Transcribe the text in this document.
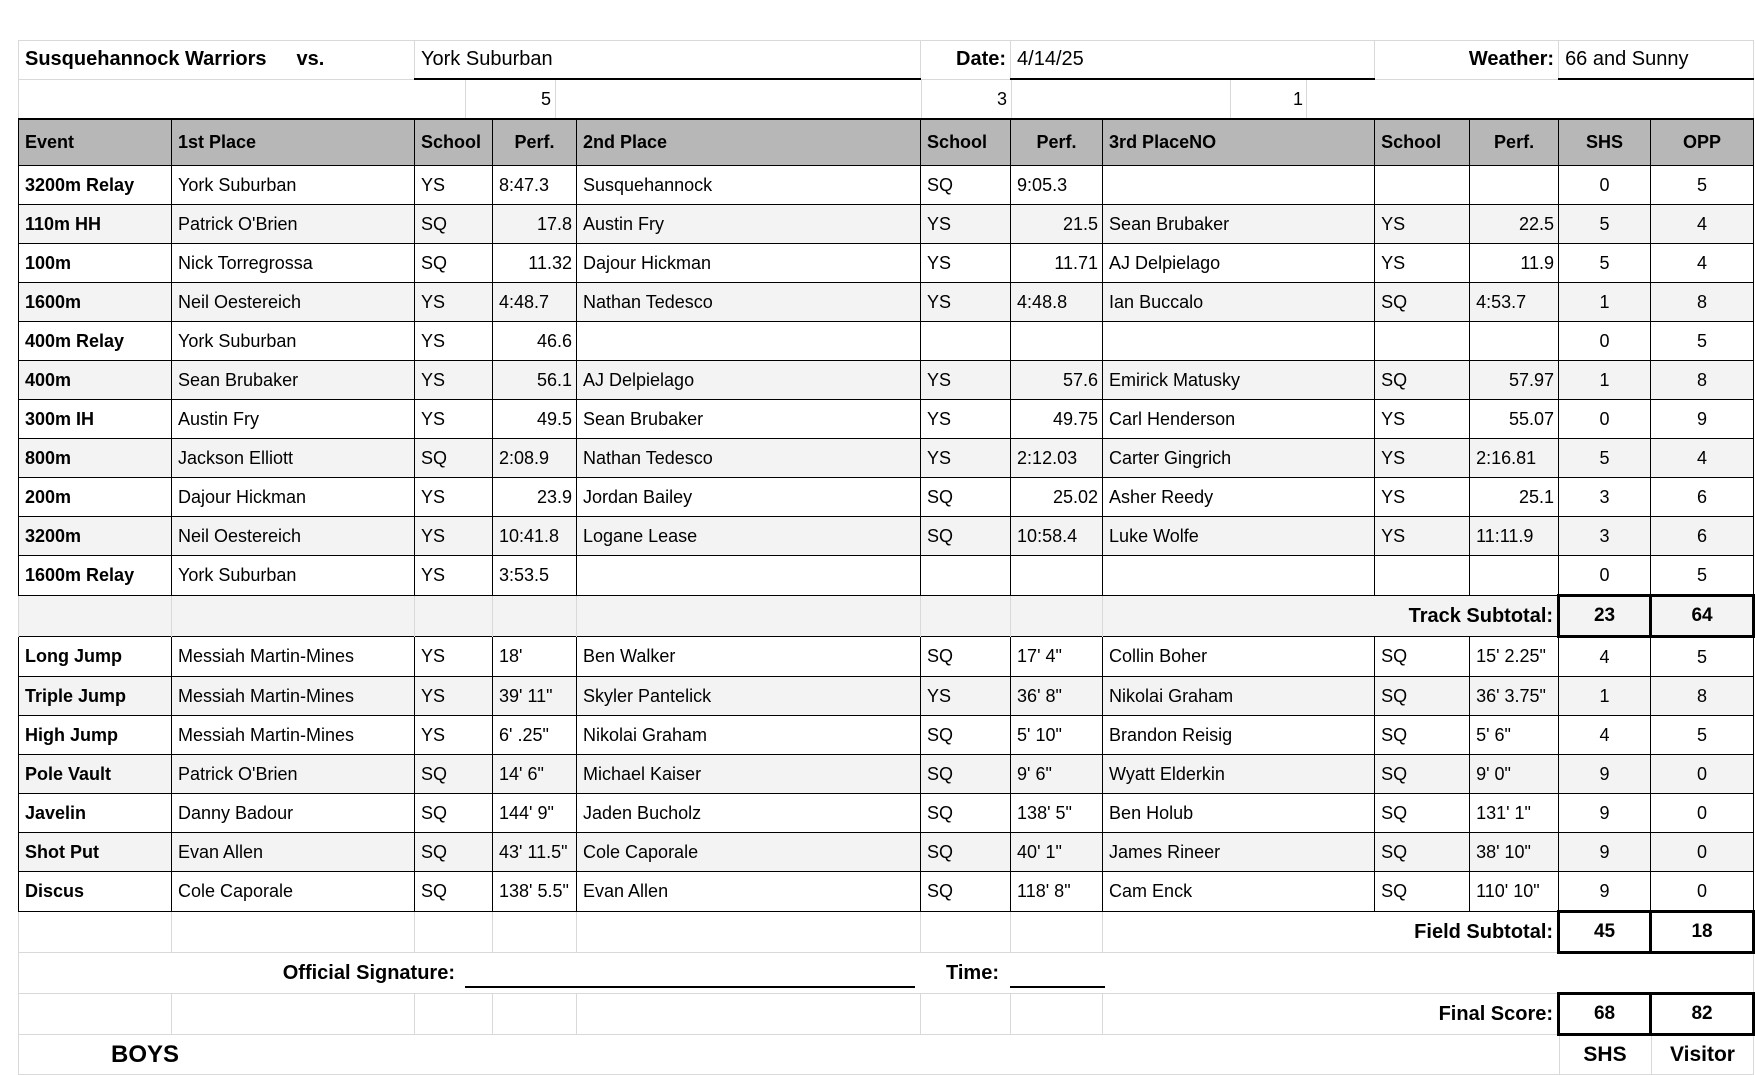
Susquehannock Warriors vs.		York Suburban			Date:	4/14/25		Weather:		66 and Sunny	

5 3 1											

Event	1st Place	School	Perf.	2nd Place	School	Perf.	3rd PlaceNO	School	Perf.	SHS	OPP
3200m Relay	York Suburban	YS	8:47.3	Susquehannock	SQ	9:05.3				0	5
110m HH	Patrick O'Brien	SQ	17.8	Austin Fry	YS	21.5	Sean Brubaker	YS	22.5	5	4
100m	Nick Torregrossa	SQ	11.32	Dajour Hickman	YS	11.71	AJ Delpielago	YS	11.9	5	4
1600m	Neil Oestereich	YS	4:48.7	Nathan Tedesco	YS	4:48.8	Ian Buccalo	SQ	4:53.7	1	8
400m Relay	York Suburban	YS	46.6							0	5
400m	Sean Brubaker	YS	56.1	AJ Delpielago	YS	57.6	Emirick Matusky	SQ	57.97	1	8
300m IH	Austin Fry	YS	49.5	Sean Brubaker	YS	49.75	Carl Henderson	YS	55.07	0	9
800m	Jackson Elliott	SQ	2:08.9	Nathan Tedesco	YS	2:12.03	Carter Gingrich	YS	2:16.81	5	4
200m	Dajour Hickman	YS	23.9	Jordan Bailey	SQ	25.02	Asher Reedy	YS	25.1	3	6
3200m	Neil Oestereich	YS	10:41.8	Logane Lease	SQ	10:58.4	Luke Wolfe	YS	11:11.9	3	6
1600m Relay	York Suburban	YS	3:53.5							0	5
							Track Subtotal:			23	64
Long Jump	Messiah Martin-Mines	YS	18'	Ben Walker	SQ	17' 4"	Collin Boher	SQ	15' 2.25"	4	5
Triple Jump	Messiah Martin-Mines	YS	39' 11"	Skyler Pantelick	YS	36' 8"	Nikolai Graham	SQ	36' 3.75"	1	8
High Jump	Messiah Martin-Mines	YS	6' .25"	Nikolai Graham	SQ	5' 10"	Brandon Reisig	SQ	5' 6"	4	5
Pole Vault	Patrick O'Brien	SQ	14' 6"	Michael Kaiser	SQ	9' 6"	Wyatt Elderkin	SQ	9' 0"	9	0
Javelin	Danny Badour	SQ	144' 9"	Jaden Bucholz	SQ	138' 5"	Ben Holub	SQ	131' 1"	9	0
Shot Put	Evan Allen	SQ	43' 11.5"	Cole Caporale	SQ	40' 1"	James Rineer	SQ	38' 10"	9	0
Discus	Cole Caporale	SQ	138' 5.5"	Evan Allen	SQ	118' 8"	Cam Enck	SQ	110' 10"	9	0
							Field Subtotal:			45	18

Official Signature: Time:											

							Final Score:			68	82

BOYS SHS Visitor											
